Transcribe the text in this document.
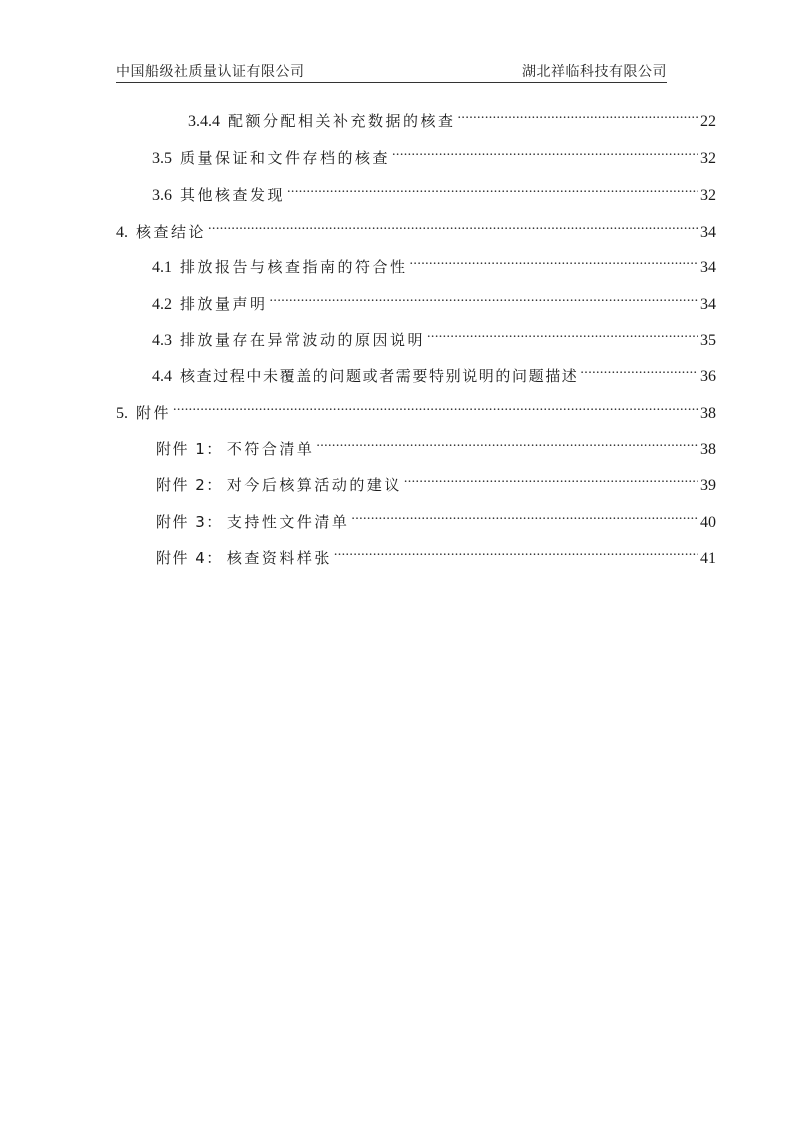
中国船级社质量认证有限公司	湖北祥临科技有限公司
3.4.4 配额分配相关补充数据的核查 .....	22
3.5 质量保证和文件存档的核查 .....	32
3.6 其他核查发现 .....	32
4. 核查结论 .....	34
4.1 排放报告与核查指南的符合性 .....	34
4.2 排放量声明 .....	34
4.3 排放量存在异常波动的原因说明 .....	35
4.4 核查过程中未覆盖的问题或者需要特别说明的问题描述 .....	36
5. 附件 .....	38
附件 1： 不符合清单 .....	38
附件 2： 对今后核算活动的建议 .....	39
附件 3： 支持性文件清单 .....	40
附件 4： 核查资料样张 .....	41
